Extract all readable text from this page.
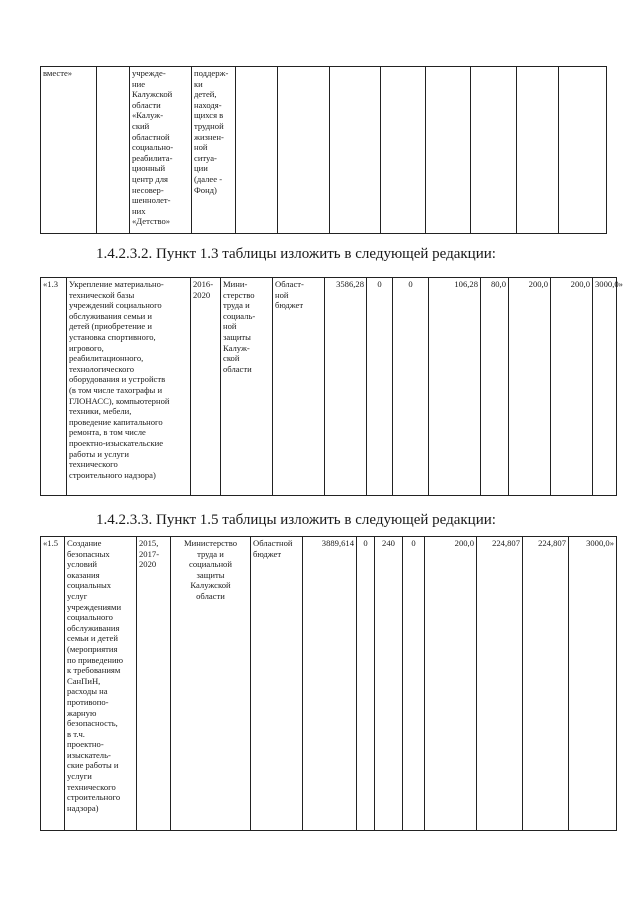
вместе»		учрежде-
ние
Калужской
области
«Калуж-
ский
областной
социально-
реабилита-
ционный
центр для
несовер-
шеннолет-
них
«Детство»	поддерж-
ки
детей,
находя-
щихся в
трудной
жизнен-
ной
ситуа-
ции
(далее -
Фонд)								
1.4.2.3.2. Пункт 1.3 таблицы изложить в следующей редакции:
«1.3	Укрепление материально-
технической базы
учреждений социального
обслуживания семьи и
детей (приобретение и
установка спортивного,
игрового,
реабилитационного,
технологического
оборудования и устройств
(в том числе тахографы и
ГЛОНАСС), компьютерной
техники, мебели,
проведение капитального
ремонта, в том числе
проектно-изыскательские
работы и услуги
технического
строительного надзора)	2016-
2020	Мини-
стерство
труда и
социаль-
ной
защиты
Калуж-
ской
области	Област-
ной
бюджет	3586,28	0	0	106,28	80,0	200,0	200,0	3000,0»
1.4.2.3.3. Пункт 1.5 таблицы изложить в следующей редакции:
«1.5	Создание
безопасных
условий
оказания
социальных
услуг
учреждениями
социального
обслуживания
семьи и детей
(мероприятия
по приведению
к требованиям
СанПиН,
расходы на
противопо-
жарную
безопасность,
в т.ч.
проектно-
изыскатель-
ские работы и
услуги
технического
строительного
надзора)	2015,
2017-
2020	Министерство
труда и
социальной
защиты
Калужской
области	Областной
бюджет	3889,614	0	240	0	200,0	224,807	224,807	3000,0»
